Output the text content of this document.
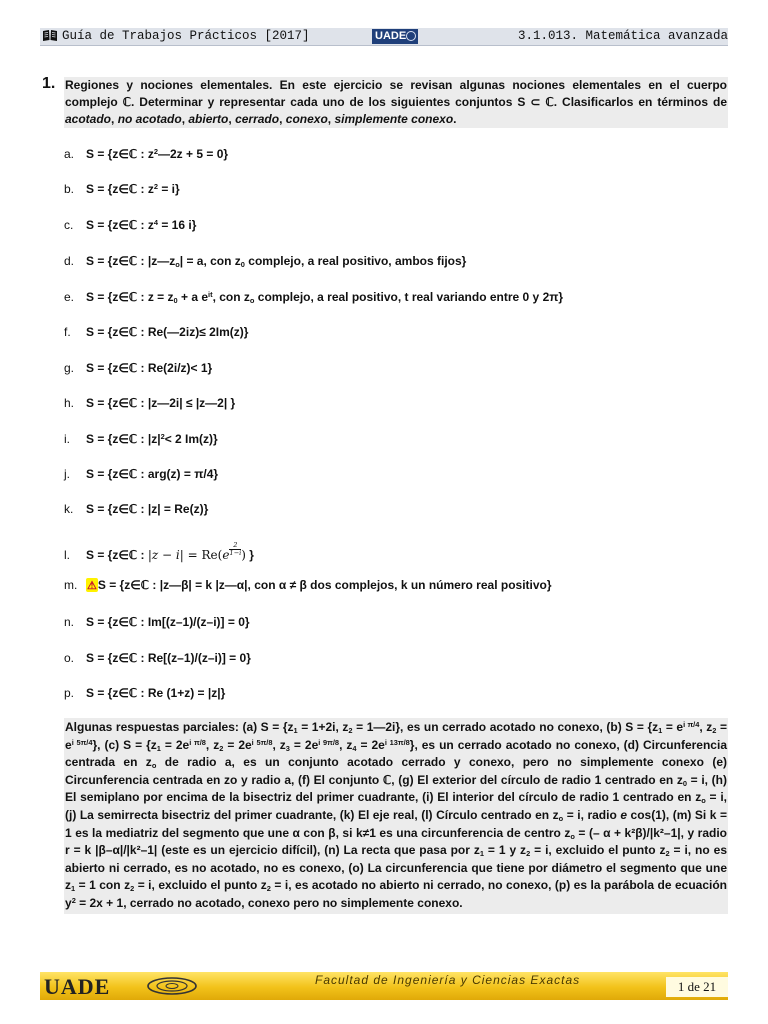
Guía de Trabajos Prácticos [2017]	UADE	3.1.013. Matemática avanzada
1. Regiones y nociones elementales. En este ejercicio se revisan algunas nociones elementales en el cuerpo complejo ℂ. Determinar y representar cada uno de los siguientes conjuntos S ⊂ ℂ. Clasificarlos en términos de acotado, no acotado, abierto, cerrado, conexo, simplemente conexo.
a. S = {z∈ℂ : $z^2—2z + 5 = 0$}
b. S = {z∈ℂ : $z^2 = i$}
c. S = {z∈ℂ : $z^4 = 16$ i}
d. S = {z∈ℂ : $|z—z_o| = a$, con $z_0$ complejo, a real positivo, ambos fijos}
e. S = {z∈ℂ : $z = z_0 + a$ $e^{it}$, con $z_o$ complejo, a real positivo, t real variando entre 0 y 2π}
f. S = {z∈ℂ : Re(—2iz)≤ 2Im(z)}
g. S = {z∈ℂ : Re(2i/z)< 1}
h. S = {z∈ℂ : |z—2i| ≤ |z—2| }
i. S = {z∈ℂ : $|z|^2< 2$ Im(z)}
j. S = {z∈ℂ : arg(z) = π/4}
k. S = {z∈ℂ : |z| = Re(z)}
l. S = {z∈ℂ : $|z - i| = Re(e \frac{2}{1-i}$ ) }
m. ⚠S = {z∈ℂ : |z—β| = k |z—α|, con α ≠ β dos complejos, k un número real positivo}
n. S = {z∈ℂ : Im[(z–1)/(z–i)] = 0}
o. S = {z∈ℂ : Re[(z–1)/(z–i)] = 0}
p. S = {z∈ℂ : Re (1+z) = |z|}
Algunas respuestas parciales: (a) $S = \{z_1 = 1+2i$, $z_2$ = 1—2i}, es un cerrado acotado no conexo, (b) $S = \{z_1 = e^{i \pi/4}$, $z_2 = e^{i 5\pi/4}$}, (c) $S = \{z_1 = 2e^{i \pi/8}$, $z_2 = 2e^{i 5\pi/8}$, $z_3 = 2e^{i 9\pi/8}$, $z_4 = 2e^{i 13\pi/8}$}, es un cerrado acotado no conexo, (d) Circunferencia centrada en $z_o$ de radio a, es un conjunto acotado cerrado y conexo, pero no simplemente conexo (e) Circunferencia centrada en zo y radio a, (f) El conjunto ℂ, (g) El exterior del círculo de radio 1 centrado en $z_0 = i$, (h) El semiplano por encima de la bisectriz del primer cuadrante, (i) El interior del círculo de radio 1 centrado en $z_o = i$, (j) La semirrecta bisectriz del primer cuadrante, (k) El eje real, (l) Círculo centrado en $z_o = i$, radio e cos(1), (m) Si k = 1 es la mediatriz del segmento que une α con β, si k≠1 es una circunferencia de centro $z_o$ = (– α + k²β)/|k²–1|, y radio r = k |β–α|/|k²–1| (este es un ejercicio difícil), (n) La recta que pasa por $z_1 = 1$ y $z_2 = i$, excluido el punto $z_2 = i$, no es abierto ni cerrado, es no acotado, no es conexo, (o) La circunferencia que tiene por diámetro el segmento que une $z_1 = 1$ con $z_2 = i$, excluido el punto $z_2 = i$, es acotado no abierto ni cerrado, no conexo, (p) es la parábola de ecuación $y^2 = 2x + 1$, cerrado no acotado, conexo pero no simplemente conexo.
UADE	Facultad de Ingeniería y Ciencias Exactas	1 de 21
